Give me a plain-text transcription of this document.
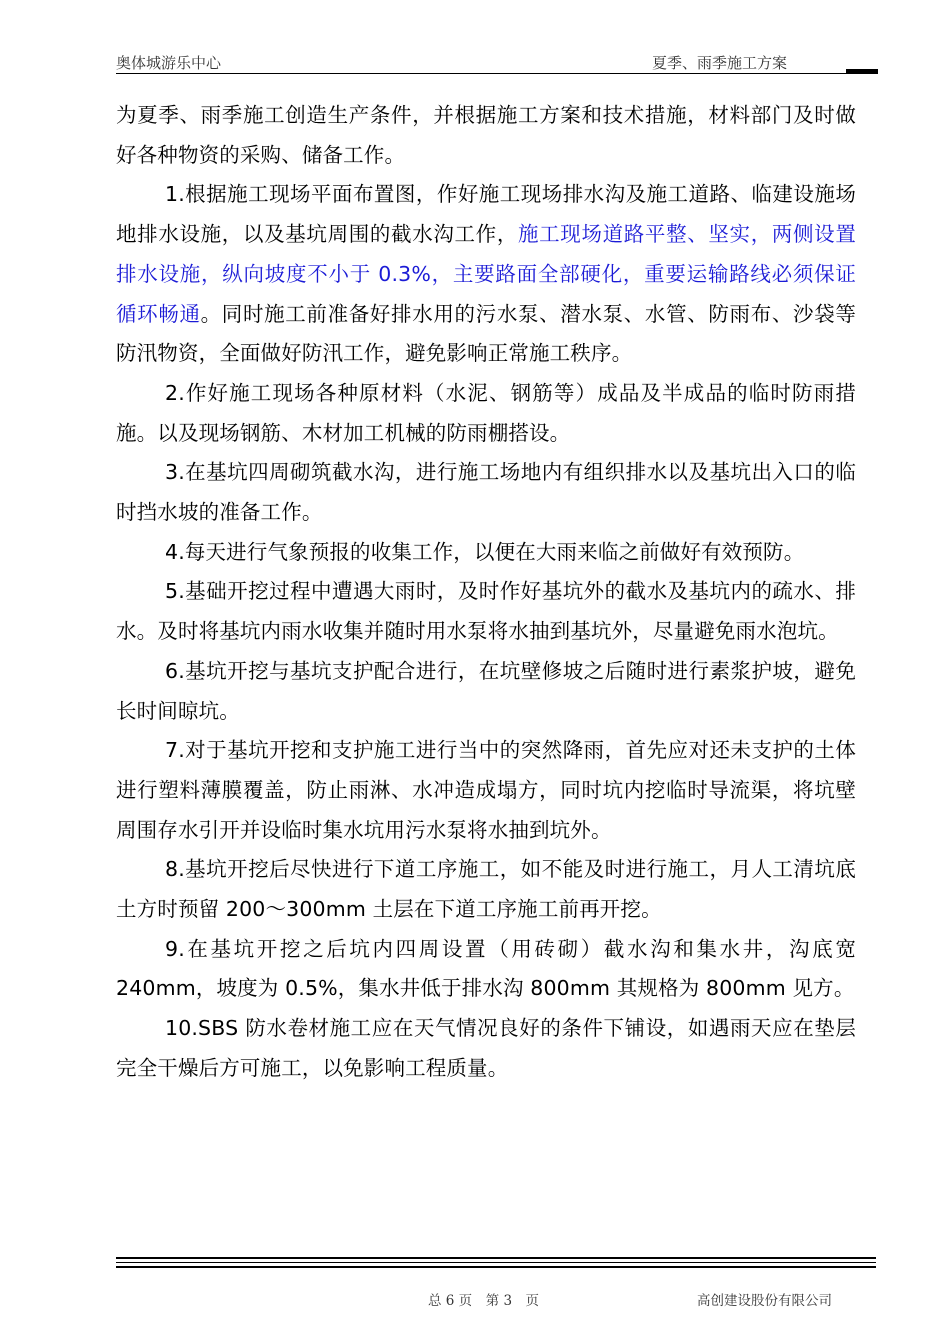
奥体城游乐中心	夏季、雨季施工方案

为夏季、雨季施工创造生产条件，并根据施工方案和技术措施，材料部门及时做好各种物资的采购、储备工作。

1.根据施工现场平面布置图，作好施工现场排水沟及施工道路、临建设施场地排水设施，以及基坑周围的截水沟工作，施工现场道路平整、坚实，两侧设置排水设施，纵向坡度不小于 0.3%，主要路面全部硬化，重要运输路线必须保证循环畅通。同时施工前准备好排水用的污水泵、潜水泵、水管、防雨布、沙袋等防汛物资，全面做好防汛工作，避免影响正常施工秩序。

2.作好施工现场各种原材料（水泥、钢筋等）成品及半成品的临时防雨措施。以及现场钢筋、木材加工机械的防雨棚搭设。

3.在基坑四周砌筑截水沟，进行施工场地内有组织排水以及基坑出入口的临时挡水坡的准备工作。

4.每天进行气象预报的收集工作，以便在大雨来临之前做好有效预防。

5.基础开挖过程中遭遇大雨时，及时作好基坑外的截水及基坑内的疏水、排水。及时将基坑内雨水收集并随时用水泵将水抽到基坑外，尽量避免雨水泡坑。

6.基坑开挖与基坑支护配合进行，在坑壁修坡之后随时进行素浆护坡，避免长时间晾坑。

7.对于基坑开挖和支护施工进行当中的突然降雨，首先应对还未支护的土体进行塑料薄膜覆盖，防止雨淋、水冲造成塌方，同时坑内挖临时导流渠，将坑壁周围存水引开并设临时集水坑用污水泵将水抽到坑外。

8.基坑开挖后尽快进行下道工序施工，如不能及时进行施工，月人工清坑底土方时预留 200～300mm 土层在下道工序施工前再开挖。

9.在基坑开挖之后坑内四周设置（用砖砌）截水沟和集水井，沟底宽 240mm，坡度为 0.5%，集水井低于排水沟 800mm 其规格为 800mm 见方。

10.SBS 防水卷材施工应在天气情况良好的条件下铺设，如遇雨天应在垫层完全干燥后方可施工，以免影响工程质量。

总 6 页　第 3　页	高创建设股份有限公司
